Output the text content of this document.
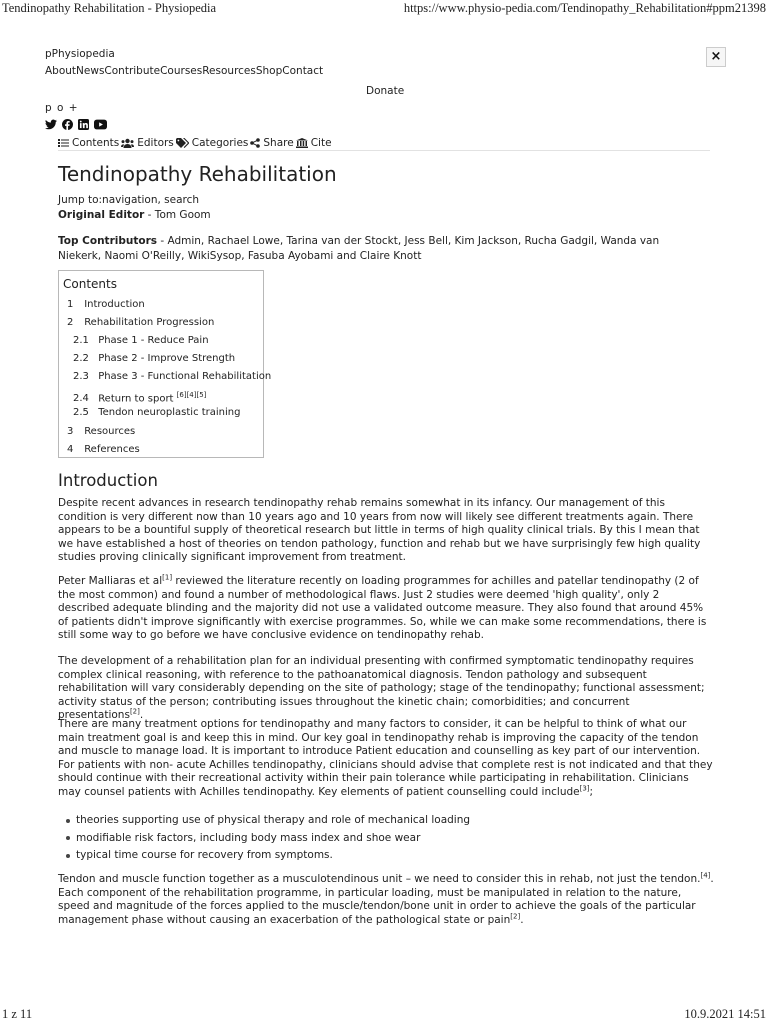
Tendinopathy Rehabilitation - Physiopedia	https://www.physio-pedia.com/Tendinopathy_Rehabilitation#ppm21398
pPhysiopedia
AboutNewsContributeCoursesResourcesShopContact
×
Donate
p o +
Contents Editors Categories Share Cite
Tendinopathy Rehabilitation
Jump to:navigation, search
Original Editor - Tom Goom
Top Contributors - Admin, Rachael Lowe, Tarina van der Stockt, Jess Bell, Kim Jackson, Rucha Gadgil, Wanda van Niekerk, Naomi O'Reilly, WikiSysop, Fasuba Ayobami and Claire Knott
Contents
1 Introduction
2 Rehabilitation Progression
2.1 Phase 1 - Reduce Pain
2.2 Phase 2 - Improve Strength
2.3 Phase 3 - Functional Rehabilitation
2.4 Return to sport [6][4][5]
2.5 Tendon neuroplastic training
3 Resources
4 References
Introduction

Despite recent advances in research tendinopathy rehab remains somewhat in its infancy. Our management of this condition is very different now than 10 years ago and 10 years from now will likely see different treatments again. There appears to be a bountiful supply of theoretical research but little in terms of high quality clinical trials. By this I mean that we have established a host of theories on tendon pathology, function and rehab but we have surprisingly few high quality studies proving clinically significant improvement from treatment.

Peter Malliaras et al[1] reviewed the literature recently on loading programmes for achilles and patellar tendinopathy (2 of the most common) and found a number of methodological flaws. Just 2 studies were deemed 'high quality', only 2 described adequate blinding and the majority did not use a validated outcome measure. They also found that around 45% of patients didn't improve significantly with exercise programmes. So, while we can make some recommendations, there is still some way to go before we have conclusive evidence on tendinopathy rehab.

The development of a rehabilitation plan for an individual presenting with confirmed symptomatic tendinopathy requires complex clinical reasoning, with reference to the pathoanatomical diagnosis. Tendon pathology and subsequent rehabilitation will vary considerably depending on the site of pathology; stage of the tendinopathy; functional assessment; activity status of the person; contributing issues throughout the kinetic chain; comorbidities; and concurrent presentations[2].

There are many treatment options for tendinopathy and many factors to consider, it can be helpful to think of what our main treatment goal is and keep this in mind. Our key goal in tendinopathy rehab is improving the capacity of the tendon and muscle to manage load. It is important to introduce Patient education and counselling as key part of our intervention. For patients with non- acute Achilles tendinopathy, clinicians should advise that complete rest is not indicated and that they should continue with their recreational activity within their pain tolerance while participating in rehabilitation. Clinicians may counsel patients with Achilles tendinopathy. Key elements of patient counselling could include[3];

theories supporting use of physical therapy and role of mechanical loading
modifiable risk factors, including body mass index and shoe wear
typical time course for recovery from symptoms.

Tendon and muscle function together as a musculotendinous unit – we need to consider this in rehab, not just the tendon.[4]. Each component of the rehabilitation programme, in particular loading, must be manipulated in relation to the nature, speed and magnitude of the forces applied to the muscle/tendon/bone unit in order to achieve the goals of the particular management phase without causing an exacerbation of the pathological state or pain[2].

1 z 11	10.9.2021 14:51
